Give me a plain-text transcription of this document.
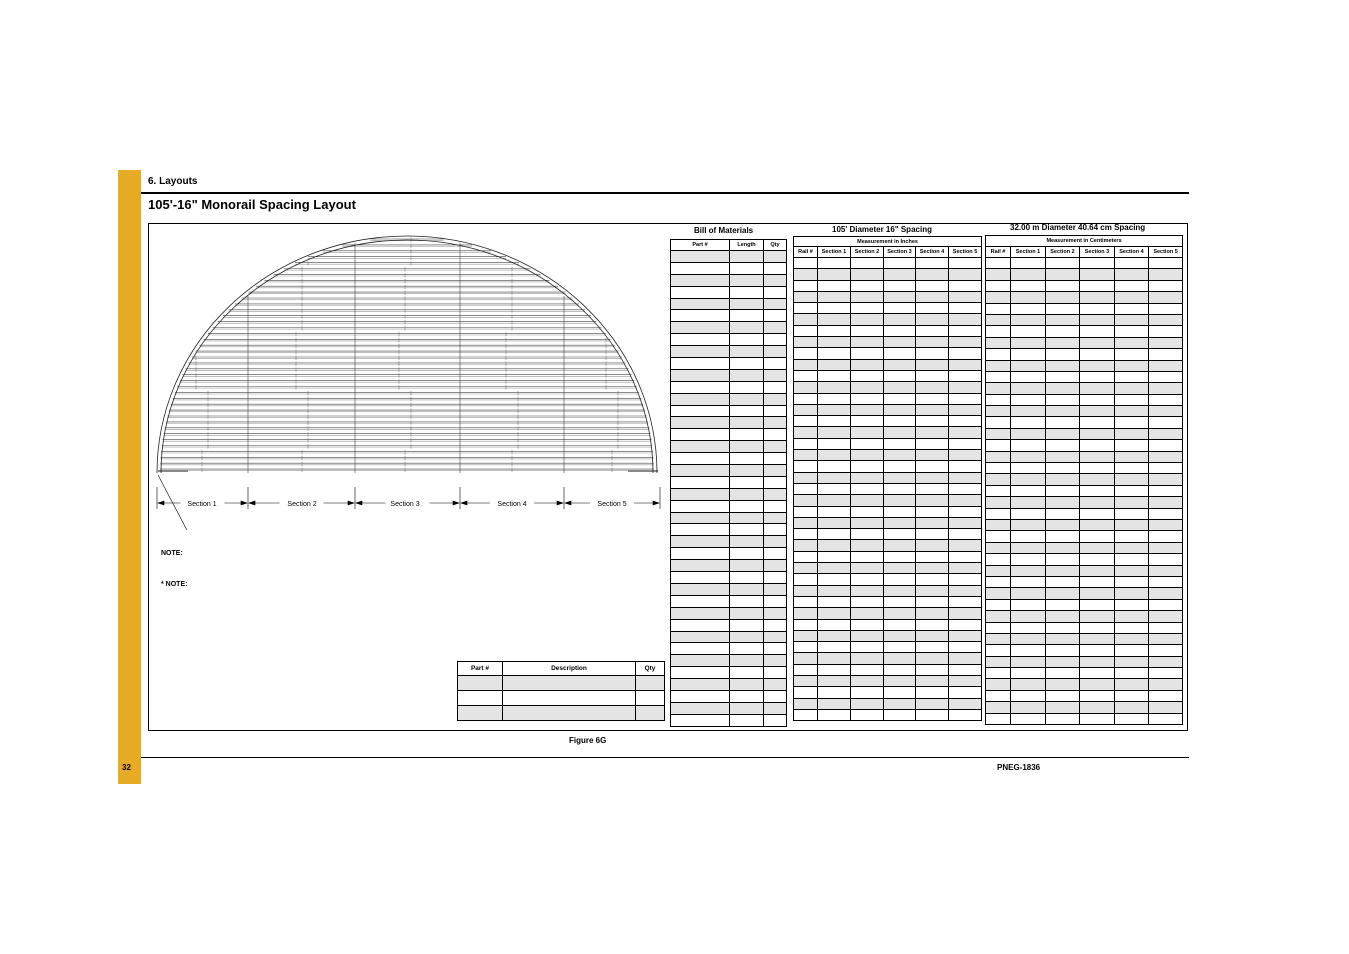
6. Layouts
105'-16" Monorail Spacing Layout
Section 1	Section 2	Section 3	Section 4	Section 5
NOTE:
* NOTE:
Part #	Description	Qty

Bill of Materials
Part #	Length	Qty

105' Diameter 16" Spacing
Measurement in Inches					
Rail #	Section 1	Section 2	Section 3	Section 4	Section 5

32.00 m Diameter 40.64 cm Spacing
Measurement in Centimeters					
Rail #	Section 1	Section 2	Section 3	Section 4	Section 5

Figure 6G
32	PNEG-1836
